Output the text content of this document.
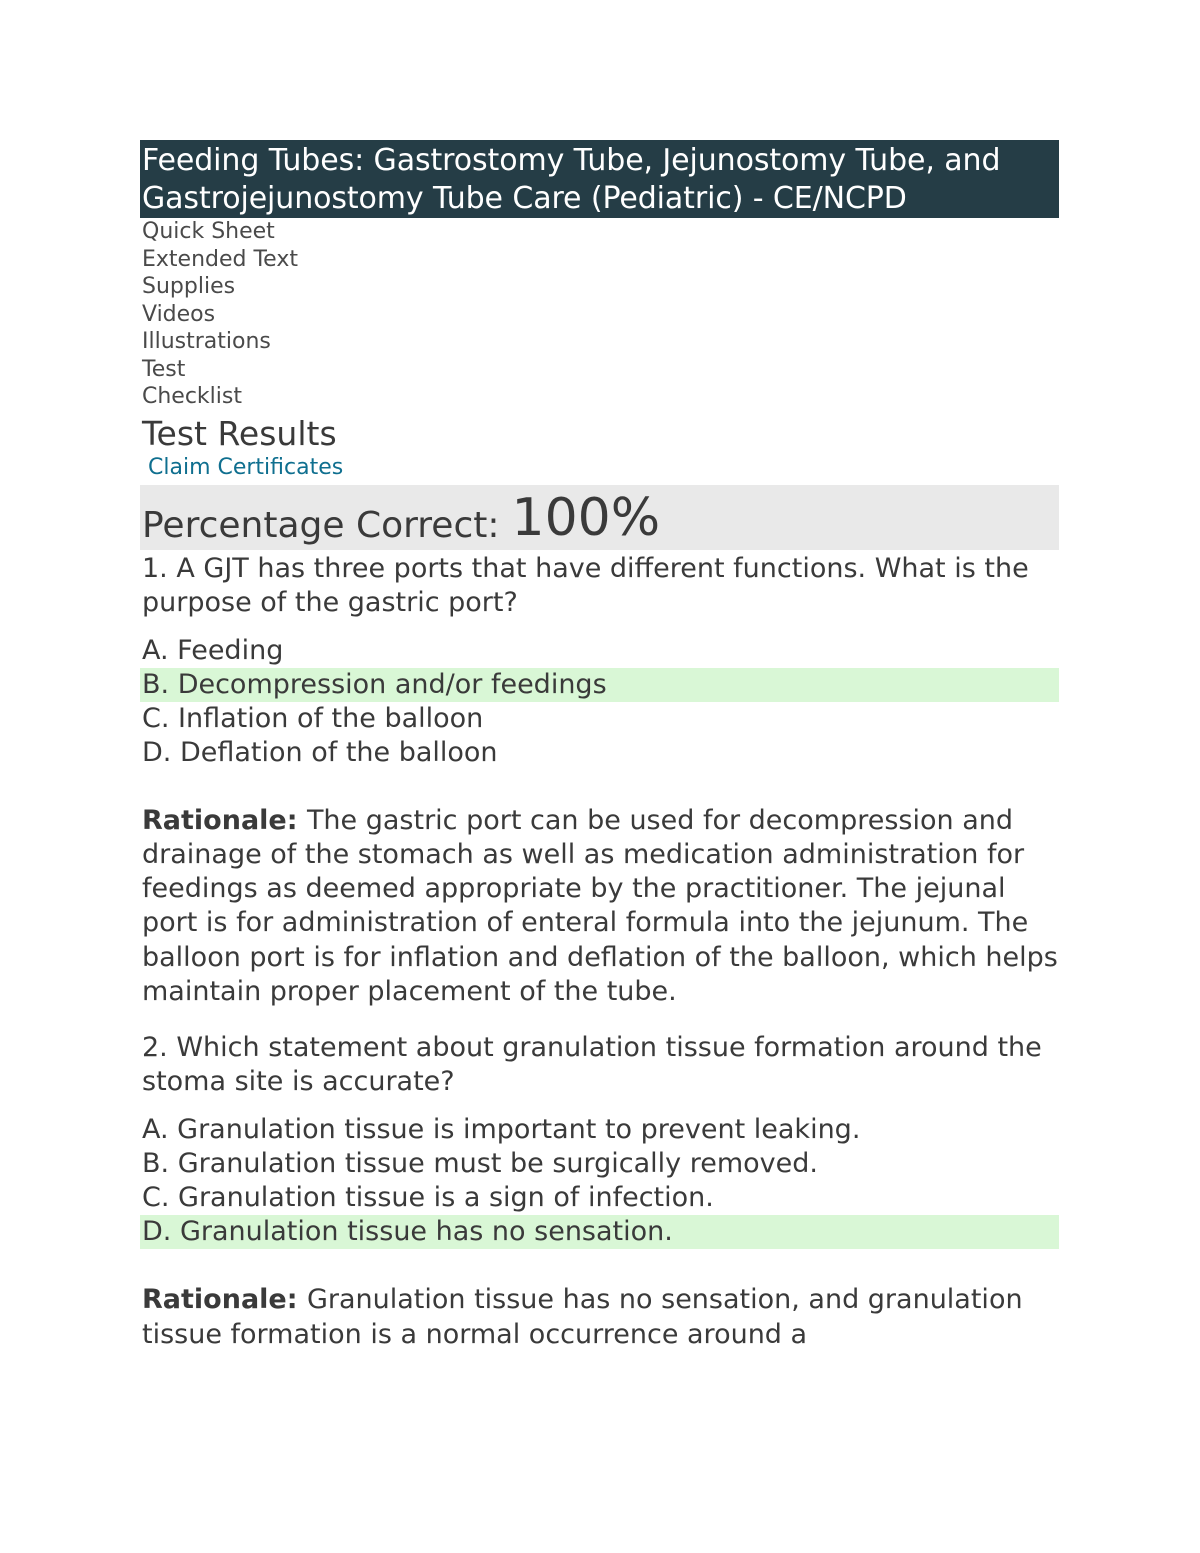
Feeding Tubes: Gastrostomy Tube, Jejunostomy Tube, and Gastrojejunostomy Tube Care (Pediatric) - CE/NCPD
Quick Sheet
Extended Text
Supplies
Videos
Illustrations
Test
Checklist
Test Results
Claim Certificates
Percentage Correct: 100%
1. A GJT has three ports that have different functions. What is the purpose of the gastric port?
A. Feeding
B. Decompression and/or feedings
C. Inflation of the balloon
D. Deflation of the balloon
Rationale: The gastric port can be used for decompression and drainage of the stomach as well as medication administration for feedings as deemed appropriate by the practitioner. The jejunal port is for administration of enteral formula into the jejunum. The balloon port is for inflation and deflation of the balloon, which helps maintain proper placement of the tube.
2. Which statement about granulation tissue formation around the stoma site is accurate?
A. Granulation tissue is important to prevent leaking.
B. Granulation tissue must be surgically removed.
C. Granulation tissue is a sign of infection.
D. Granulation tissue has no sensation.
Rationale: Granulation tissue has no sensation, and granulation tissue formation is a normal occurrence around a
